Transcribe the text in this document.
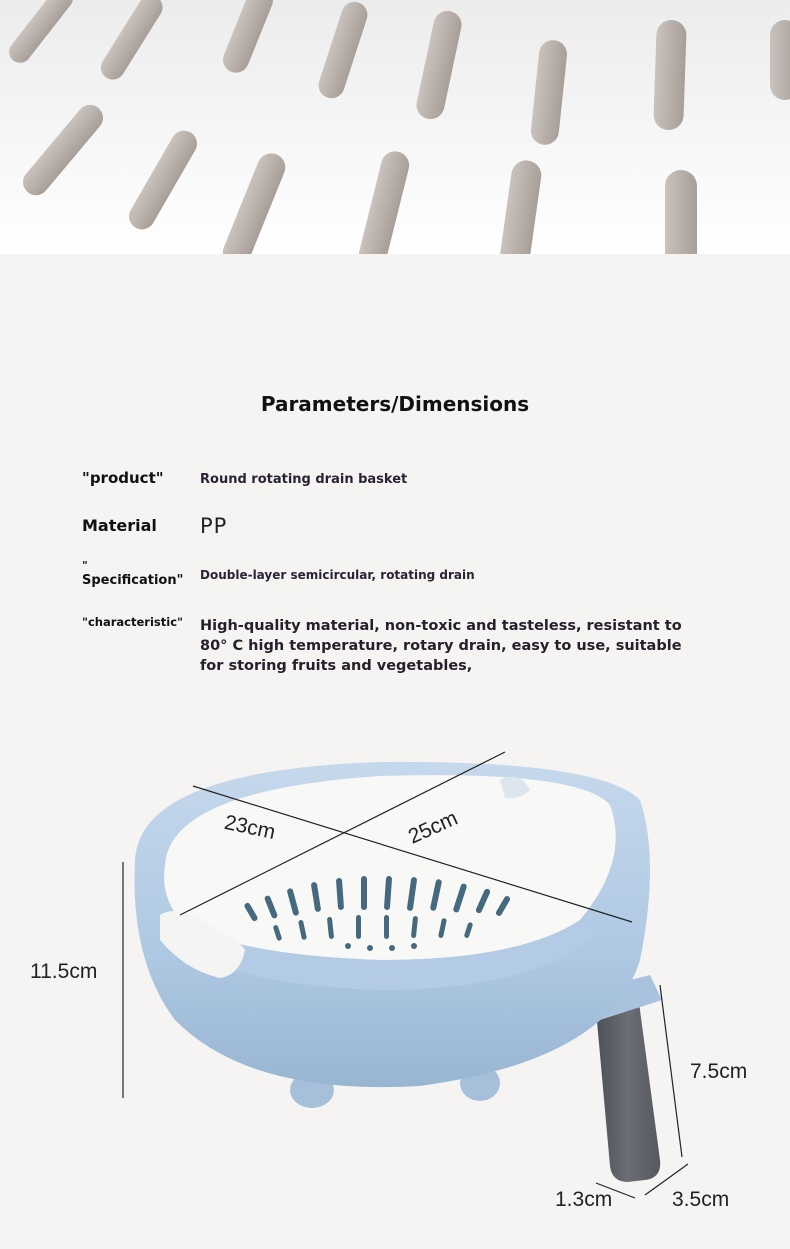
Parameters/Dimensions
"product"	Round rotating drain basket
Material PP
"
Specification"	Double-layer semicircular, rotating drain
"characteristic" High-quality material, non-toxic and tasteless, resistant to 80° C high temperature, rotary drain, easy to use, suitable for storing fruits and vegetables,
23cm	25cm
11.5cm
7.5cm
1.3cm	3.5cm
